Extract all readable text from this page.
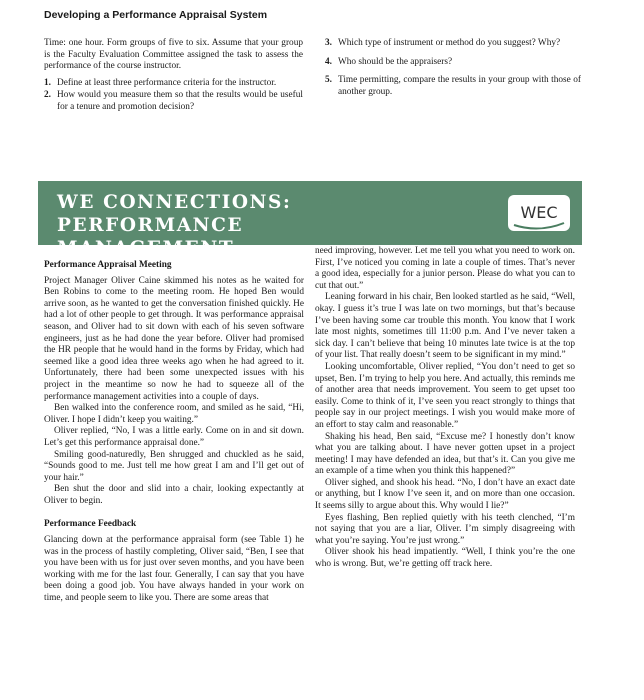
Developing a Performance Appraisal System

Time: one hour. Form groups of five to six. Assume that your group is the Faculty Evaluation Committee assigned the task to assess the performance of the course instructor.

1. Define at least three performance criteria for the instructor.
2. How would you measure them so that the results would be useful for a tenure and promotion decision?
3. Which type of instrument or method do you suggest? Why?
4. Who should be the appraisers?
5. Time permitting, compare the results in your group with those of another group.
WE CONNECTIONS: PERFORMANCE
MANAGEMENT
WEC

Performance Appraisal Meeting

Project Manager Oliver Caine skimmed his notes as he waited for Ben Robins to come to the meeting room. He hoped Ben would arrive soon, as he wanted to get the conversation finished quickly. He had a lot of other people to get through. It was performance appraisal season, and Oliver had to sit down with each of his seven software engineers, just as he had done the year before. Oliver had promised the HR people that he would hand in the forms by Friday, which had seemed like a good idea three weeks ago when he had agreed to it. Unfortunately, there had been some unexpected issues with his project in the meantime so now he had to squeeze all of the performance management activities into a couple of days.

Ben walked into the conference room, and smiled as he said, “Hi, Oliver. I hope I didn’t keep you waiting.”

Oliver replied, “No, I was a little early. Come on in and sit down. Let’s get this performance appraisal done.”

Smiling good-naturedly, Ben shrugged and chuckled as he said, “Sounds good to me. Just tell me how great I am and I’ll get out of your hair.”

Ben shut the door and slid into a chair, looking expectantly at Oliver to begin.

Performance Feedback

Glancing down at the performance appraisal form (see Table 1) he was in the process of hastily completing, Oliver said, “Ben, I see that you have been with us for just over seven months, and you have been working with me for the last four. Generally, I can say that you have been doing a good job. You have always handed in your work on time, and people seem to like you. There are some areas that

need improving, however. Let me tell you what you need to work on. First, I’ve noticed you coming in late a couple of times. That’s never a good idea, especially for a junior person. Please do what you can to cut that out.”

Leaning forward in his chair, Ben looked startled as he said, “Well, okay. I guess it’s true I was late on two mornings, but that’s because I’ve been having some car trouble this month. You know that I work late most nights, sometimes till 11:00 p.m. And I’ve never taken a sick day. I can’t believe that being 10 minutes late twice is at the top of your list. That really doesn’t seem to be significant in my mind.”

Looking uncomfortable, Oliver replied, “You don’t need to get so upset, Ben. I’m trying to help you here. And actually, this reminds me of another area that needs improvement. You seem to get upset too easily. Come to think of it, I’ve seen you react strongly to things that people say in our project meetings. I wish you would make more of an effort to stay calm and reasonable.”

Shaking his head, Ben said, “Excuse me? I honestly don’t know what you are talking about. I have never gotten upset in a project meeting! I may have defended an idea, but that’s it. Can you give me an example of a time when you think this happened?”

Oliver sighed, and shook his head. “No, I don’t have an exact date or anything, but I know I’ve seen it, and on more than one occasion. It seems silly to argue about this. Why would I lie?”

Eyes flashing, Ben replied quietly with his teeth clenched, “I’m not saying that you are a liar, Oliver. I’m simply disagreeing with what you’re saying. You’re just wrong.”

Oliver shook his head impatiently. “Well, I think you’re the one who is wrong. But, we’re getting off track here.
